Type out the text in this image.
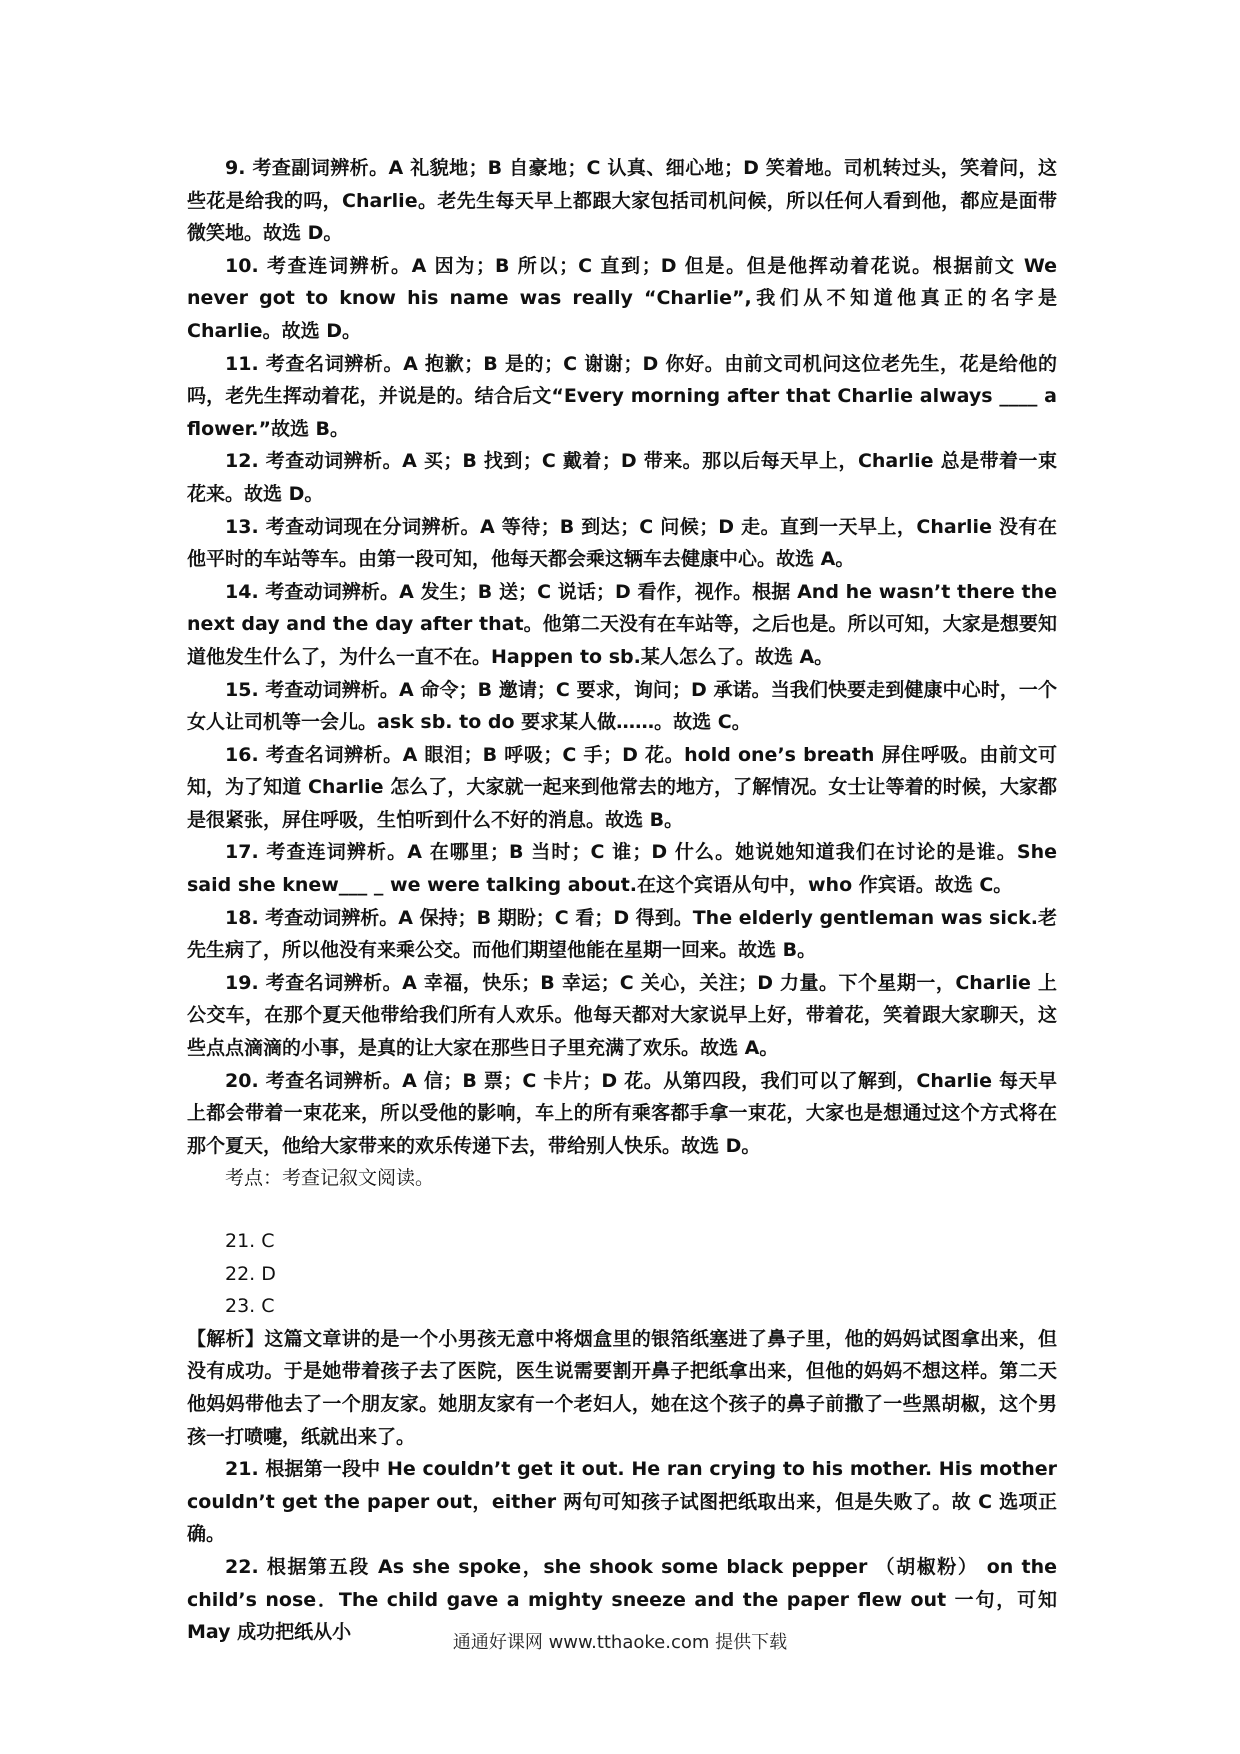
9. 考查副词辨析。A 礼貌地；B 自豪地；C 认真、细心地；D 笑着地。司机转过头，笑着问，这些花是给我的吗，Charlie。老先生每天早上都跟大家包括司机问候，所以任何人看到他，都应是面带微笑地。故选 D。

10. 考查连词辨析。A 因为；B 所以；C 直到；D 但是。但是他挥动着花说。根据前文 We never got to know his name was really “Charlie”,我们从不知道他真正的名字是 Charlie。故选 D。

11. 考查名词辨析。A 抱歉；B 是的；C 谢谢；D 你好。由前文司机问这位老先生，花是给他的吗，老先生挥动着花，并说是的。结合后文“Every morning after that Charlie always ____ a flower.”故选 B。

12. 考查动词辨析。A 买；B 找到；C 戴着；D 带来。那以后每天早上，Charlie 总是带着一束花来。故选 D。

13. 考查动词现在分词辨析。A 等待；B 到达；C 问候；D 走。直到一天早上，Charlie 没有在他平时的车站等车。由第一段可知，他每天都会乘这辆车去健康中心。故选 A。

14. 考查动词辨析。A 发生；B 送；C 说话；D 看作，视作。根据 And he wasn’t there the next day and the day after that。他第二天没有在车站等，之后也是。所以可知，大家是想要知道他发生什么了，为什么一直不在。Happen to sb.某人怎么了。故选 A。

15. 考查动词辨析。A 命令；B 邀请；C 要求，询问；D 承诺。当我们快要走到健康中心时，一个女人让司机等一会儿。ask sb. to do 要求某人做……。故选 C。

16. 考查名词辨析。A 眼泪；B 呼吸；C 手；D 花。hold one’s breath 屏住呼吸。由前文可知，为了知道 Charlie 怎么了，大家就一起来到他常去的地方，了解情况。女士让等着的时候，大家都是很紧张，屏住呼吸，生怕听到什么不好的消息。故选 B。

17. 考查连词辨析。A 在哪里；B 当时；C 谁；D 什么。她说她知道我们在讨论的是谁。She said she knew___ _ we were talking about.在这个宾语从句中，who 作宾语。故选 C。

18. 考查动词辨析。A 保持；B 期盼；C 看；D 得到。The elderly gentleman was sick.老先生病了，所以他没有来乘公交。而他们期望他能在星期一回来。故选 B。

19. 考查名词辨析。A 幸福，快乐；B 幸运；C 关心，关注；D 力量。下个星期一，Charlie 上公交车，在那个夏天他带给我们所有人欢乐。他每天都对大家说早上好，带着花，笑着跟大家聊天，这些点点滴滴的小事，是真的让大家在那些日子里充满了欢乐。故选 A。

20. 考查名词辨析。A 信；B 票；C 卡片；D 花。从第四段，我们可以了解到，Charlie 每天早上都会带着一束花来，所以受他的影响，车上的所有乘客都手拿一束花，大家也是想通过这个方式将在那个夏天，他给大家带来的欢乐传递下去，带给别人快乐。故选 D。

考点：考查记叙文阅读。

21. C

22. D

23. C

【解析】这篇文章讲的是一个小男孩无意中将烟盒里的银箔纸塞进了鼻子里，他的妈妈试图拿出来，但没有成功。于是她带着孩子去了医院，医生说需要割开鼻子把纸拿出来，但他的妈妈不想这样。第二天他妈妈带他去了一个朋友家。她朋友家有一个老妇人，她在这个孩子的鼻子前撒了一些黑胡椒，这个男孩一打喷嚏，纸就出来了。

21. 根据第一段中 He couldn’t get it out. He ran crying to his mother. His mother couldn’t get the paper out，either 两句可知孩子试图把纸取出来，但是失败了。故 C 选项正确。

22. 根据第五段 As she spoke，she shook some black pepper （胡椒粉） on the child’s nose．The child gave a mighty sneeze and the paper flew out 一句，可知 May 成功把纸从小	通通好课网 www.tthaoke.com 提供下载
